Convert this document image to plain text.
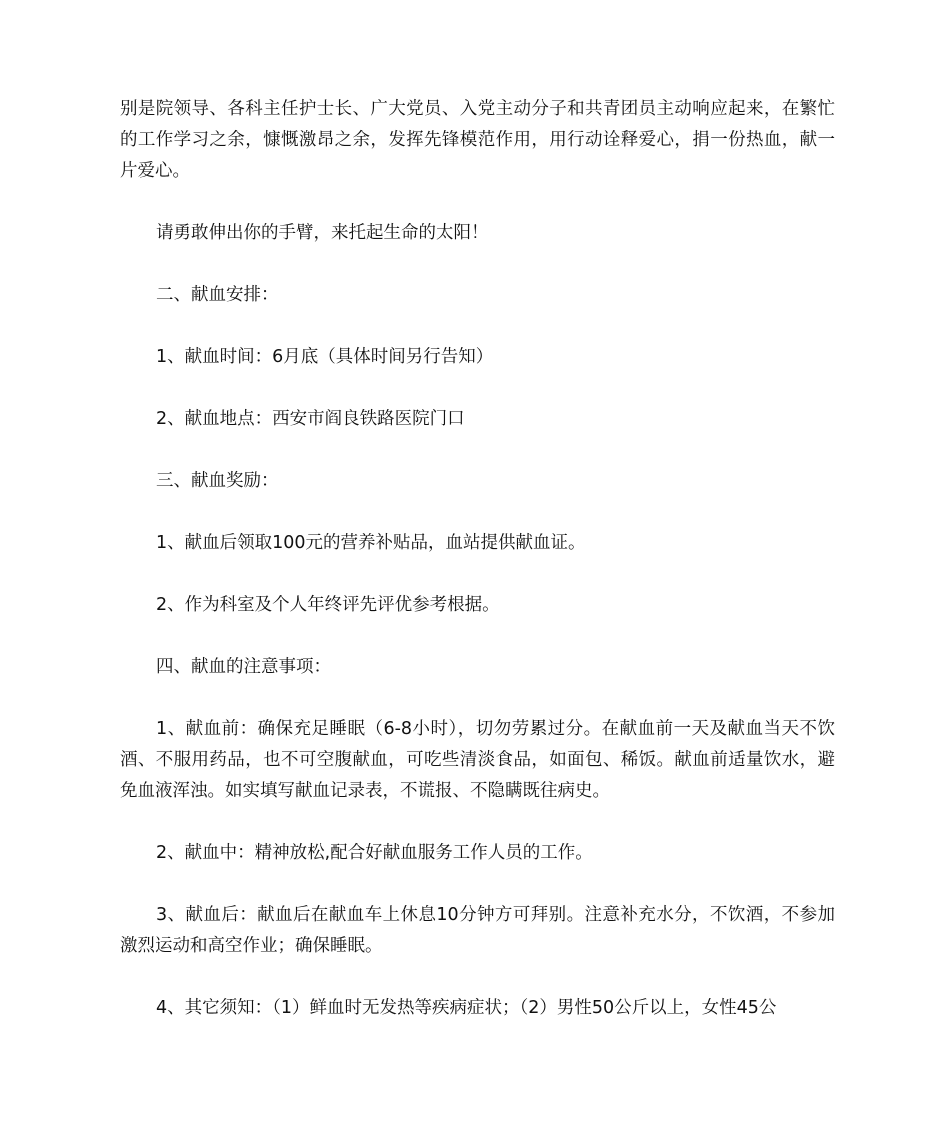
别是院领导、各科主任护士长、广大党员、入党主动分子和共青团员主动响应起来，在繁忙的工作学习之余，慷慨激昂之余，发挥先锋模范作用，用行动诠释爱心，捐一份热血，献一片爱心。

请勇敢伸出你的手臂，来托起生命的太阳！

二、献血安排：

1、献血时间：6月底（具体时间另行告知）

2、献血地点：西安市阎良铁路医院门口

三、献血奖励：

1、献血后领取100元的营养补贴品，血站提供献血证。

2、作为科室及个人年终评先评优参考根据。

四、献血的注意事项：

1、献血前：确保充足睡眠（6-8小时），切勿劳累过分。在献血前一天及献血当天不饮酒、不服用药品，也不可空腹献血，可吃些清淡食品，如面包、稀饭。献血前适量饮水，避免血液浑浊。如实填写献血记录表，不谎报、不隐瞒既往病史。

2、献血中：精神放松,配合好献血服务工作人员的工作。

3、献血后：献血后在献血车上休息10分钟方可拜别。注意补充水分，不饮酒，不参加激烈运动和高空作业；确保睡眠。

4、其它须知：（1）鲜血时无发热等疾病症状；（2）男性50公斤以上，女性45公
